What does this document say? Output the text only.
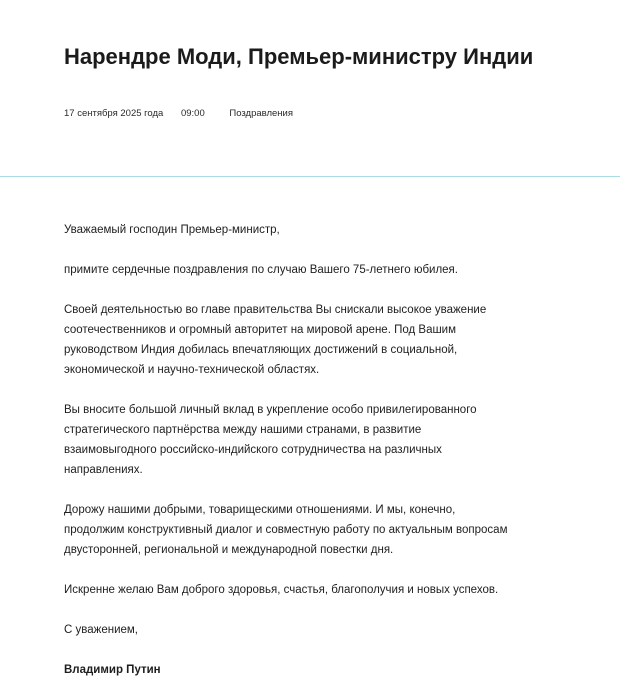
Нарендре Моди, Премьер-министру Индии
17 сентября 2025 года 09:00	Поздравления

Уважаемый господин Премьер-министр,

примите сердечные поздравления по случаю Вашего 75-летнего юбилея.

Своей деятельностью во главе правительства Вы снискали высокое уважение
соотечественников и огромный авторитет на мировой арене. Под Вашим
руководством Индия добилась впечатляющих достижений в социальной,
экономической и научно-технической областях.

Вы вносите большой личный вклад в укрепление особо привилегированного
стратегического партнёрства между нашими странами, в развитие
взаимовыгодного российско-индийского сотрудничества на различных
направлениях.

Дорожу нашими добрыми, товарищескими отношениями. И мы, конечно,
продолжим конструктивный диалог и совместную работу по актуальным вопросам
двусторонней, региональной и международной повестки дня.

Искренне желаю Вам доброго здоровья, счастья, благополучия и новых успехов.

С уважением,

Владимир Путин
